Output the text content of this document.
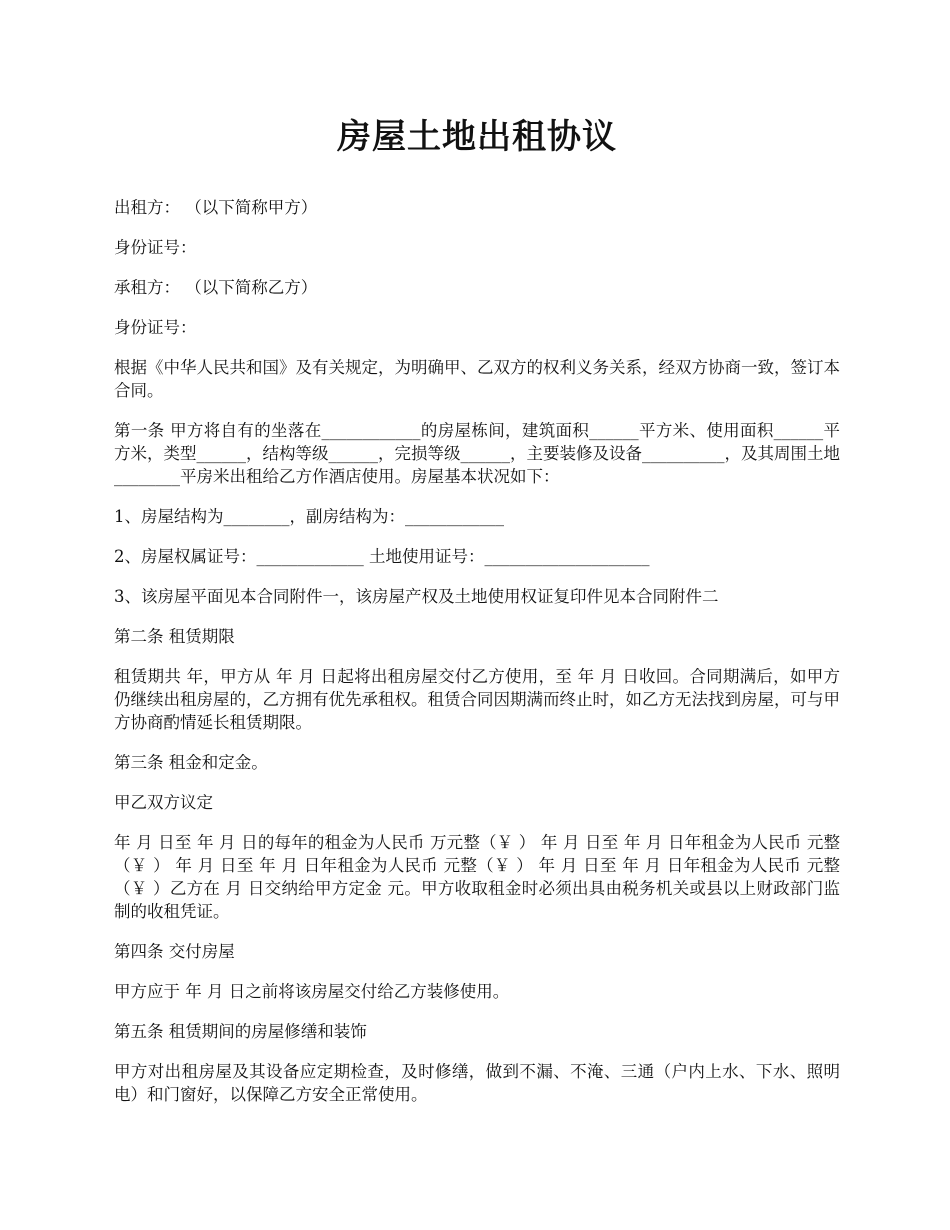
房屋土地出租协议

出租方： （以下简称甲方）

身份证号：

承租方： （以下简称乙方）

身份证号：

根据《中华人民共和国》及有关规定，为明确甲、乙双方的权利义务关系，经双方协商一致，签订本合同。

第一条 甲方将自有的坐落在____________的房屋栋间，建筑面积______平方米、使用面积______平方米，类型______，结构等级______，完损等级______，主要装修及设备__________，及其周围土地________平房米出租给乙方作酒店使用。房屋基本状况如下：

1、房屋结构为________，副房结构为：____________

2、房屋权属证号：_____________ 土地使用证号：____________________

3、该房屋平面见本合同附件一，该房屋产权及土地使用权证复印件见本合同附件二

第二条 租赁期限

租赁期共 年，甲方从 年 月 日起将出租房屋交付乙方使用，至 年 月 日收回。合同期满后，如甲方仍继续出租房屋的，乙方拥有优先承租权。租赁合同因期满而终止时，如乙方无法找到房屋，可与甲方协商酌情延长租赁期限。

第三条 租金和定金。

甲乙双方议定

年 月 日至 年 月 日的每年的租金为人民币 万元整（￥ ） 年 月 日至 年 月 日年租金为人民币 元整（￥ ） 年 月 日至 年 月 日年租金为人民币 元整（￥ ） 年 月 日至 年 月 日年租金为人民币 元整（￥ ）乙方在 月 日交纳给甲方定金 元。甲方收取租金时必须出具由税务机关或县以上财政部门监制的收租凭证。

第四条 交付房屋

甲方应于 年 月 日之前将该房屋交付给乙方装修使用。

第五条 租赁期间的房屋修缮和装饰

甲方对出租房屋及其设备应定期检查，及时修缮，做到不漏、不淹、三通（户内上水、下水、照明电）和门窗好，以保障乙方安全正常使用。
